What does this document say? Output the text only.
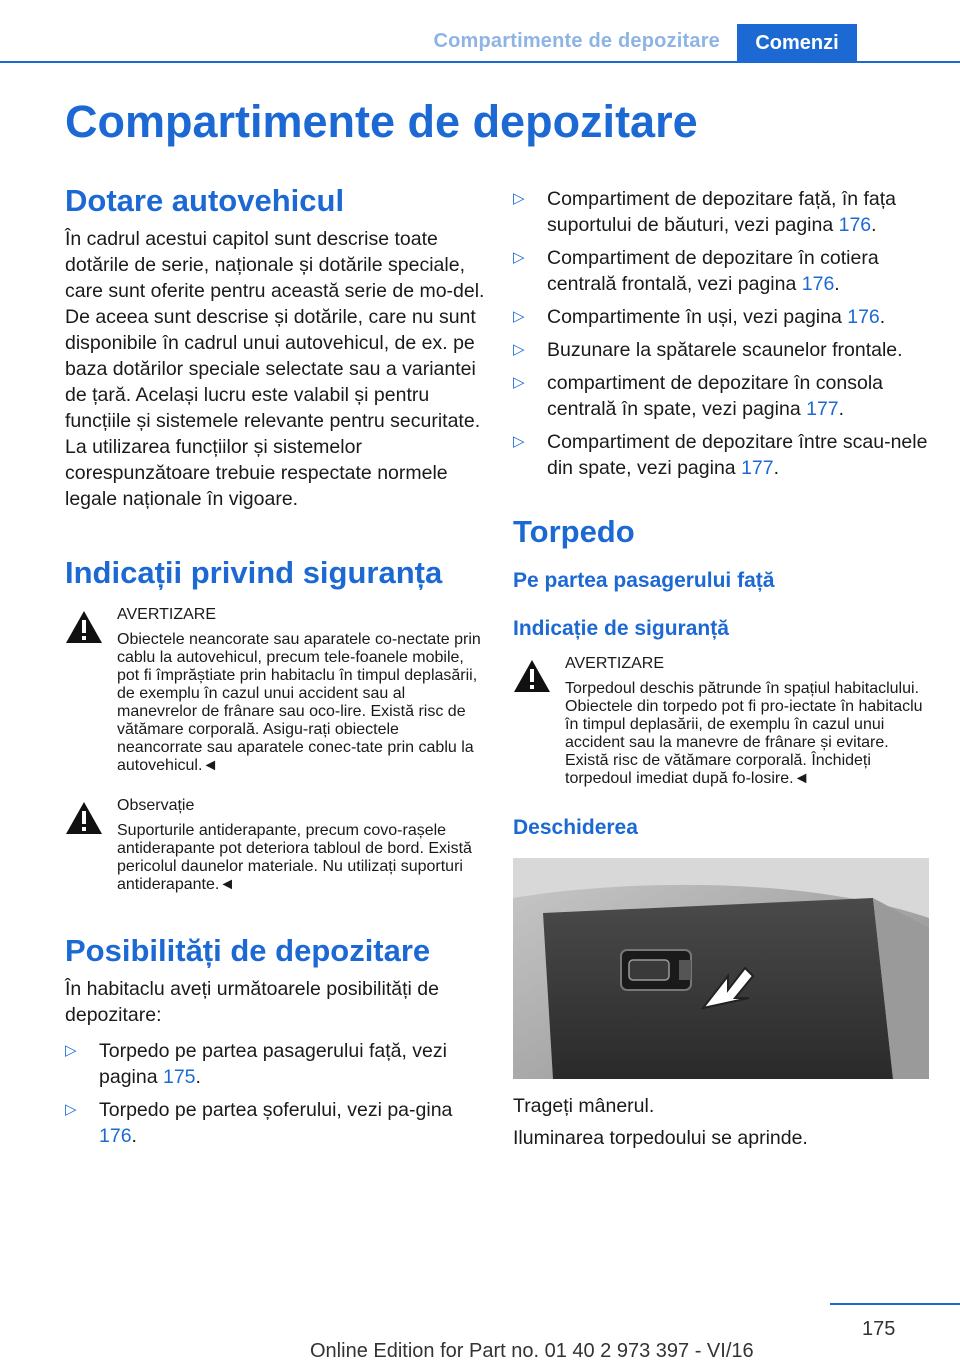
Compartimente de depozitare	Comenzi
Compartimente de depozitare
Dotare autovehicul

În cadrul acestui capitol sunt descrise toate dotările de serie, naționale și dotările speciale, care sunt oferite pentru această serie de mo‐del. De aceea sunt descrise și dotările, care nu sunt disponibile în cadrul unui autovehicul, de ex. pe baza dotărilor speciale selectate sau a variantei de țară. Același lucru este valabil și pentru funcțiile și sistemele relevante pentru securitate. La utilizarea funcțiilor și sistemelor corespunzătoare trebuie respectate normele legale naționale în vigoare.

Indicații privind siguranța
AVERTIZARE
Obiectele neancorate sau aparatele co‐nectate prin cablu la autovehicul, precum tele‐foanele mobile, pot fi împrăștiate prin habitaclu în timpul deplasării, de exemplu în cazul unui accident sau al manevrelor de frânare sau oco‐lire. Există risc de vătămare corporală. Asigu‐rați obiectele neancorrate sau aparatele conec‐tate prin cablu la autovehicul.◄
Observație
Suporturile antiderapante, precum covo‐rașele antiderapante pot deteriora tabloul de bord. Există pericolul daunelor materiale. Nu utilizați suporturi antiderapante.◄
Posibilități de depozitare

În habitaclu aveți următoarele posibilități de depozitare:

▷ Torpedo pe partea pasagerului față, vezi pagina 175.
▷ Torpedo pe partea șoferului, vezi pa‐gina 176.
▷ Compartiment de depozitare față, în fața suportului de băuturi, vezi pagina 176.
▷ Compartiment de depozitare în cotiera centrală frontală, vezi pagina 176.
▷ Compartimente în uși, vezi pagina 176.
▷ Buzunare la spătarele scaunelor frontale.
▷ compartiment de depozitare în consola centrală în spate, vezi pagina 177.
▷ Compartiment de depozitare între scau‐nele din spate, vezi pagina 177.
Torpedo
Pe partea pasagerului față
Indicație de siguranță
AVERTIZARE
Torpedoul deschis pătrunde în spațiul habitaclului. Obiectele din torpedo pot fi pro‐iectate în habitaclu în timpul deplasării, de exemplu în cazul unui accident sau la manevre de frânare și evitare. Există risc de vătămare corporală. Închideți torpedoul imediat după fo‐losire.◄
Deschiderea

Trageți mânerul.

Iluminarea torpedoului se aprinde.

175
Online Edition for Part no. 01 40 2 973 397 - VI/16
